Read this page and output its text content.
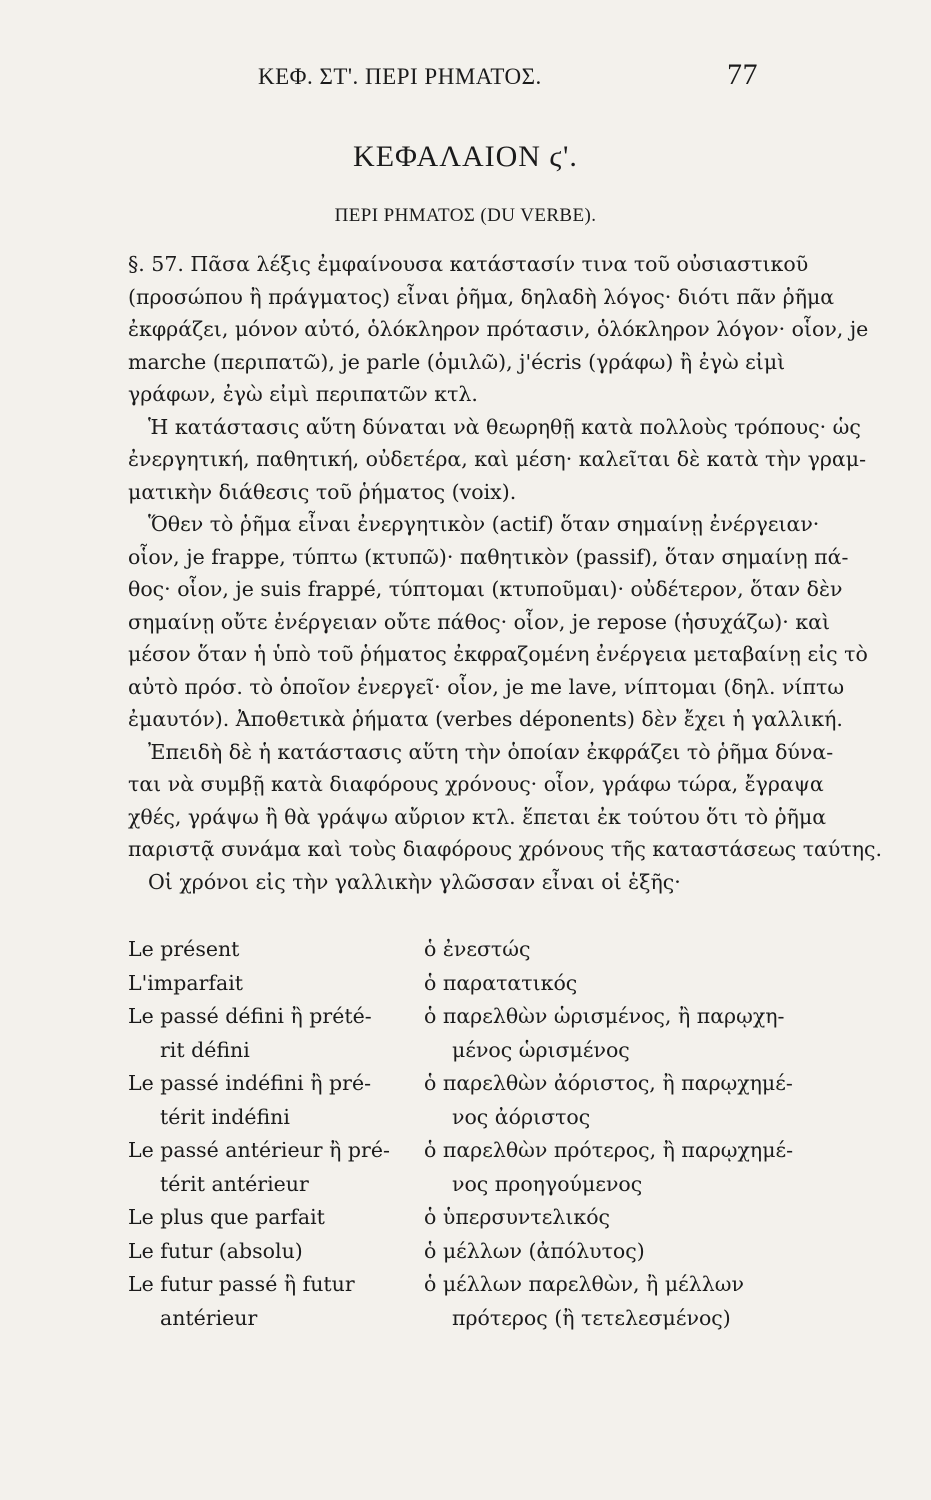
ΚΕΦ. ΣΤ'. ΠΕΡΙ ΡΗΜΑΤΟΣ.	77
ΚΕΦΑΛΑΙΟΝ ϛ'.
ΠΕΡΙ ΡΗΜΑΤΟΣ (DU VERBE).
§. 57. Πᾶσα λέξις ἐμφαίνουσα κατάστασίν τινα τοῦ οὐσιαστικοῦ
(προσώπου ἢ πράγματος) εἶναι ῥῆμα, δηλαδὴ λόγος· διότι πᾶν ῥῆμα
ἐκφράζει, μόνον αὐτό, ὁλόκληρον πρότασιν, ὁλόκληρον λόγον· οἷον, je
marche (περιπατῶ), je parle (ὁμιλῶ), j'écris (γράφω) ἢ ἐγὼ εἰμὶ
γράφων, ἐγὼ εἰμὶ περιπατῶν κτλ.
Ἡ κατάστασις αὕτη δύναται νὰ θεωρηθῇ κατὰ πολλοὺς τρόπους· ὡς
ἐνεργητική, παθητική, οὐδετέρα, καὶ μέση· καλεῖται δὲ κατὰ τὴν γραμ-
ματικὴν διάθεσις τοῦ ῥήματος (voix).
Ὅθεν τὸ ῥῆμα εἶναι ἐνεργητικὸν (actif) ὅταν σημαίνῃ ἐνέργειαν·
οἷον, je frappe, τύπτω (κτυπῶ)· παθητικὸν (passif), ὅταν σημαίνῃ πά-
θος· οἷον, je suis frappé, τύπτομαι (κτυποῦμαι)· οὐδέτερον, ὅταν δὲν
σημαίνῃ οὔτε ἐνέργειαν οὔτε πάθος· οἷον, je repose (ἡσυχάζω)· καὶ
μέσον ὅταν ἡ ὑπὸ τοῦ ῥήματος ἐκφραζομένη ἐνέργεια μεταβαίνῃ εἰς τὸ
αὐτὸ πρόσ. τὸ ὁποῖον ἐνεργεῖ· οἷον, je me lave, νίπτομαι (δηλ. νίπτω
ἐμαυτόν). Ἀποθετικὰ ῥήματα (verbes déponents) δὲν ἔχει ἡ γαλλική.
Ἐπειδὴ δὲ ἡ κατάστασις αὕτη τὴν ὁποίαν ἐκφράζει τὸ ῥῆμα δύνα-
ται νὰ συμβῇ κατὰ διαφόρους χρόνους· οἷον, γράφω τώρα, ἔγραψα
χθές, γράψω ἢ θὰ γράψω αὔριον κτλ. ἕπεται ἐκ τούτου ὅτι τὸ ῥῆμα
παριστᾷ συνάμα καὶ τοὺς διαφόρους χρόνους τῆς καταστάσεως ταύτης.
Οἱ χρόνοι εἰς τὴν γαλλικὴν γλῶσσαν εἶναι οἱ ἑξῆς·
Le présent	ὁ ἐνεστώς
L'imparfait	ὁ παρατατικός
Le passé défini ἢ prété-	ὁ παρελθὼν ὡρισμένος, ἢ παρῳχη-
rit défini	μένος ὡρισμένος
Le passé indéfini ἢ pré-	ὁ παρελθὼν ἀόριστος, ἢ παρῳχημέ-
térit indéfini	νος ἀόριστος
Le passé antérieur ἢ pré- ὁ παρελθὼν πρότερος, ἢ παρῳχημέ-
térit antérieur	νος προηγούμενος
Le plus que parfait	ὁ ὑπερσυντελικός
Le futur (absolu)	ὁ μέλλων (ἀπόλυτος)
Le futur passé ἢ futur	ὁ μέλλων παρελθὼν, ἢ μέλλων
antérieur	πρότερος (ἢ τετελεσμένος)
